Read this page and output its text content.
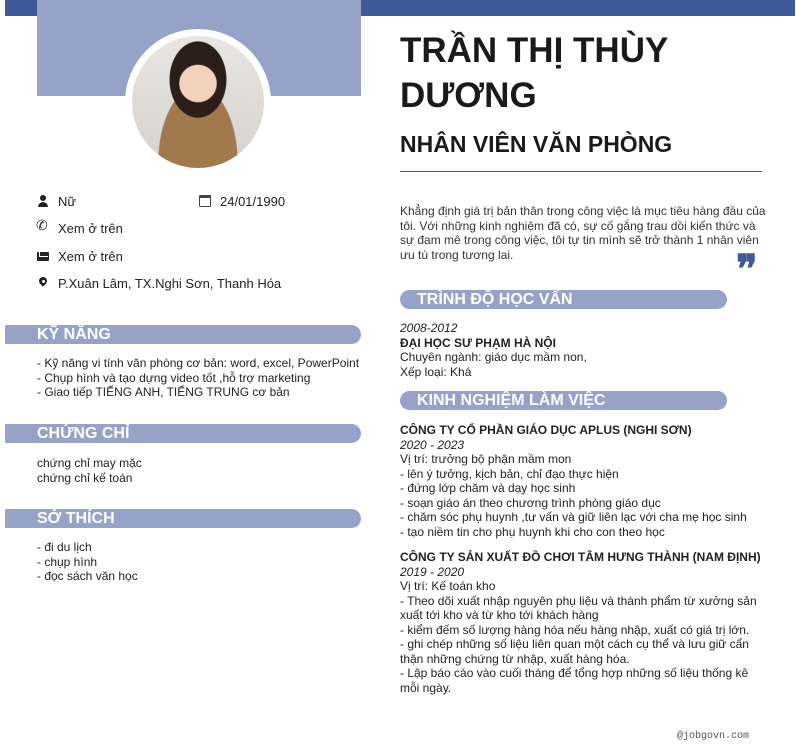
TRẦN THỊ THÙY DƯƠNG
NHÂN VIÊN VĂN PHÒNG
Nữ	24/01/1990
✆
Xem ở trên
Xem ở trên
P.Xuân Lâm, TX.Nghi Sơn, Thanh Hóa
KỸ NĂNG
- Kỹ năng vi tính văn phòng cơ bản: word, excel, PowerPoint
- Chụp hình và tạo dựng video tốt ,hỗ trợ marketing
- Giao tiếp TIẾNG ANH, TIẾNG TRUNG cơ bản
CHỨNG CHỈ
chứng chỉ may mặc
chứng chỉ kế toán
SỞ THÍCH
- đi du lịch
- chụp hình
- đọc sách văn học

Khẳng định giá trị bản thân trong công việc là mục tiêu hàng đầu của tôi. Với những kinh nghiệm đã có, sự cố gắng trau dồi kiến thức và sự đam mê trong công việc, tôi tự tin mình sẽ trở thành 1 nhân viên ưu tú trong tương lai.	❞
TRÌNH ĐỘ HỌC VẤN

2008-2012

ĐẠI HỌC SƯ PHẠM HÀ NỘI

Chuyên ngành: giáo dục mầm non,

Xếp loại: Khá

KINH NGHIỆM LÀM VIỆC

CÔNG TY CỔ PHẦN GIÁO DỤC APLUS (NGHI SƠN)

2020 - 2023

Vị trí: trưởng bộ phận mầm mon

- lên ý tưởng, kịch bản, chỉ đạo thực hiện

- đứng lớp chăm và dạy học sinh

- soạn giáo án theo chương trình phòng giáo dục

- chăm sóc phụ huynh ,tư vấn và giữ liên lạc với cha mẹ học sinh

- tạo niềm tin cho phụ huynh khi cho con theo học

CÔNG TY SẢN XUẤT ĐỒ CHƠI TÂM HƯNG THÀNH (NAM ĐỊNH)

2019 - 2020

Vị trí: Kế toán kho

- Theo dõi xuất nhập nguyên phụ liệu và thành phẩm từ xưởng sản xuất tới kho và từ kho tới khách hàng

- kiểm đếm số lượng hàng hóa nếu hàng nhập, xuất có giá trị lớn.

- ghi chép những số liệu liên quan một cách cụ thể và lưu giữ cẩn thận những chứng từ nhập, xuất hàng hóa.

- Lập báo cáo vào cuối tháng để tổng hợp những số liệu thống kê mỗi ngày.

@jobgovn.com
